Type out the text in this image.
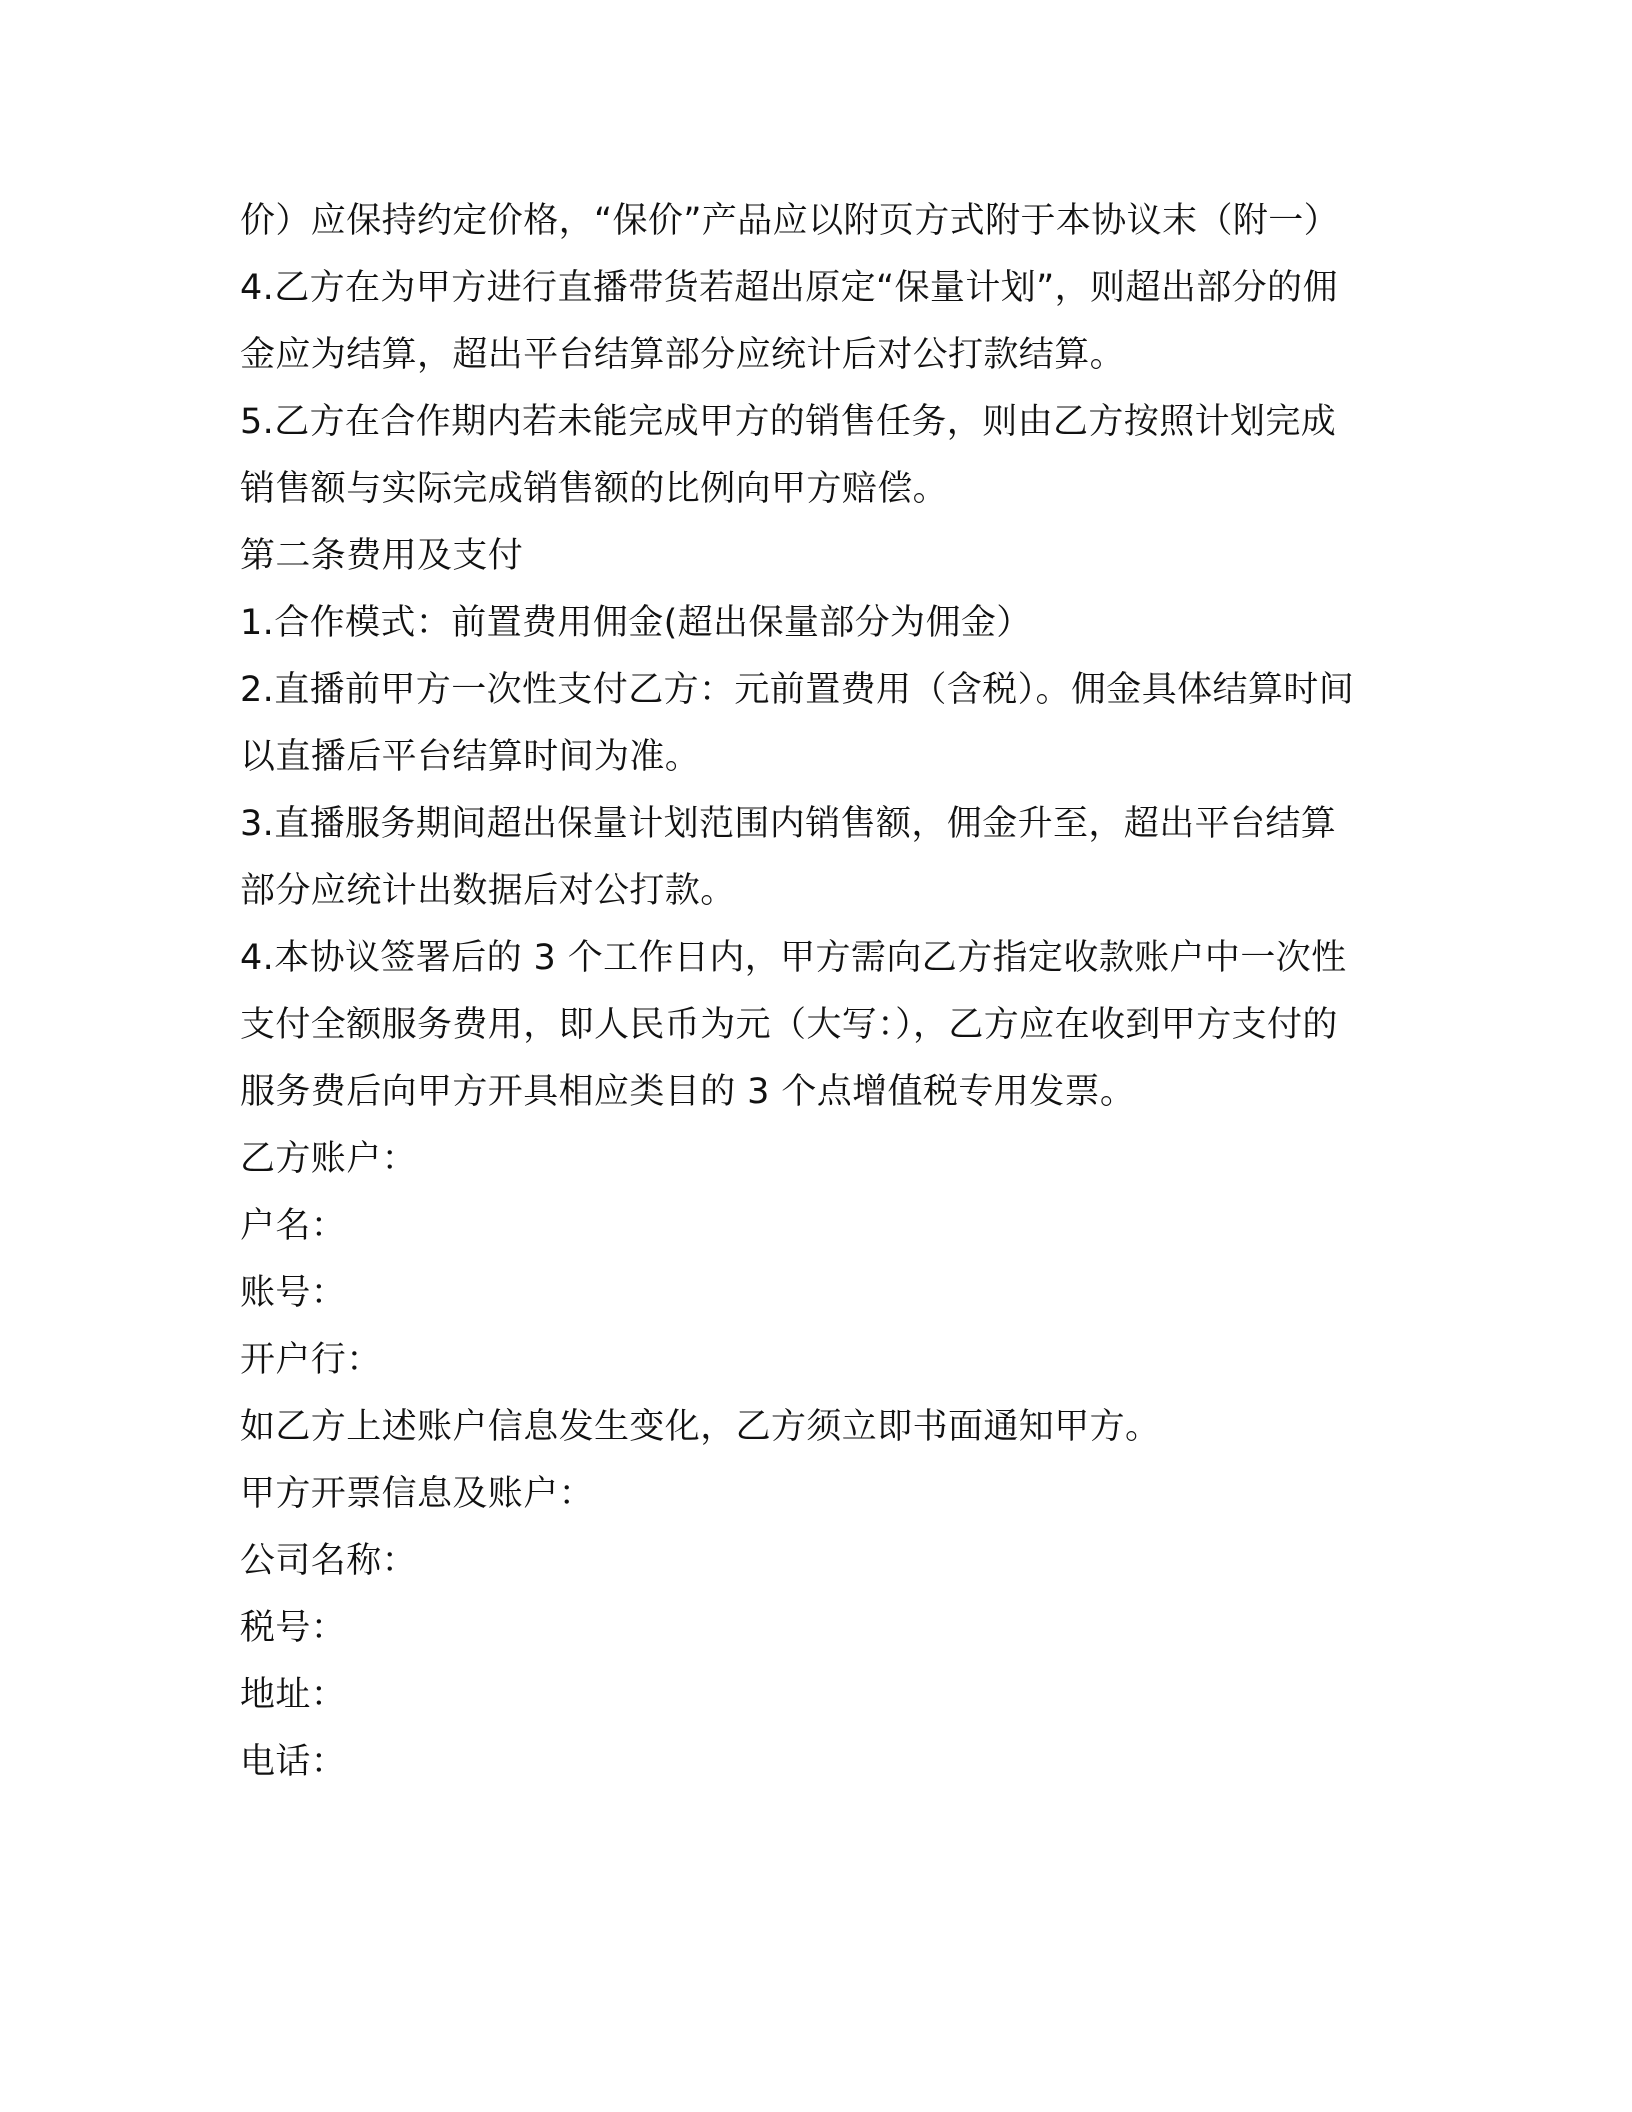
价）应保持约定价格，“保价”产品应以附页方式附于本协议末（附一）

4.乙方在为甲方进行直播带货若超出原定“保量计划”，则超出部分的佣金应为结算，超出平台结算部分应统计后对公打款结算。

5.乙方在合作期内若未能完成甲方的销售任务，则由乙方按照计划完成销售额与实际完成销售额的比例向甲方赔偿。

第二条费用及支付

1.合作模式：前置费用佣金(超出保量部分为佣金）

2.直播前甲方一次性支付乙方：元前置费用（含税）。佣金具体结算时间以直播后平台结算时间为准。

3.直播服务期间超出保量计划范围内销售额，佣金升至，超出平台结算部分应统计出数据后对公打款。

4.本协议签署后的 3 个工作日内，甲方需向乙方指定收款账户中一次性支付全额服务费用，即人民币为元（大写：），乙方应在收到甲方支付的服务费后向甲方开具相应类目的 3 个点增值税专用发票。

乙方账户：

户名：

账号：

开户行：

如乙方上述账户信息发生变化，乙方须立即书面通知甲方。

甲方开票信息及账户：

公司名称：

税号：

地址：

电话：
